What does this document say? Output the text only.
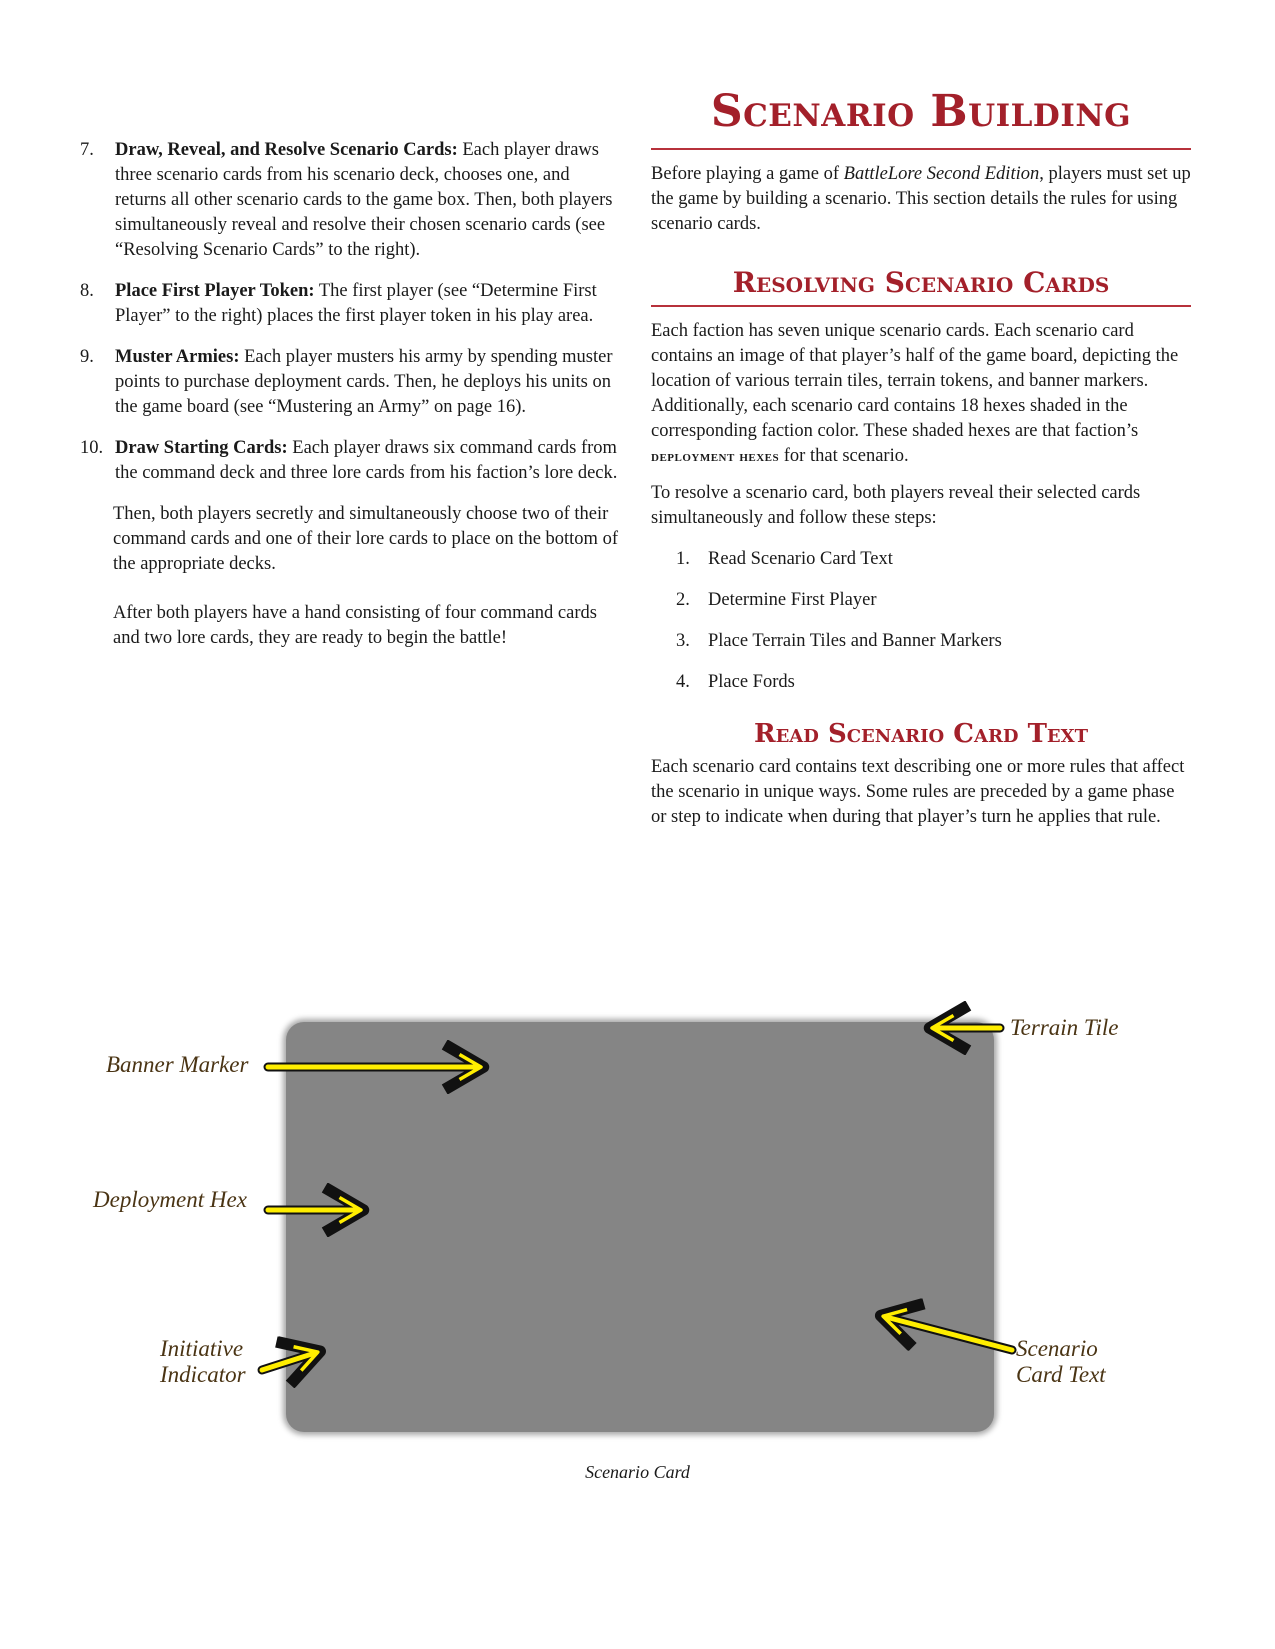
7. Draw, Reveal, and Resolve Scenario Cards: Each player draws three scenario cards from his scenario deck, chooses one, and returns all other scenario cards to the game box. Then, both players simultaneously reveal and resolve their chosen scenario cards (see “Resolving Scenario Cards” to the right).
8. Place First Player Token: The first player (see “Determine First Player” to the right) places the first player token in his play area.
9. Muster Armies: Each player musters his army by spending muster points to purchase deployment cards. Then, he deploys his units on the game board (see “Mustering an Army” on page 16).
10. Draw Starting Cards: Each player draws six command cards from the command deck and three lore cards from his faction’s lore deck.

Then, both players secretly and simultaneously choose two of their command cards and one of their lore cards to place on the bottom of the appropriate decks.

After both players have a hand consisting of four command cards and two lore cards, they are ready to begin the battle!

Scenario Building

Before playing a game of BattleLore Second Edition, players must set up the game by building a scenario. This section details the rules for using scenario cards.

Resolving Scenario Cards

Each faction has seven unique scenario cards. Each scenario card contains an image of that player’s half of the game board, depicting the location of various terrain tiles, terrain tokens, and banner markers. Additionally, each scenario card contains 18 hexes shaded in the corresponding faction color. These shaded hexes are that faction’s deployment hexes for that scenario.

To resolve a scenario card, both players reveal their selected cards simultaneously and follow these steps:

1. Read Scenario Card Text
2. Determine First Player
3. Place Terrain Tiles and Banner Markers
4. Place Fords
Read Scenario Card Text

Each scenario card contains text describing one or more rules that affect the scenario in unique ways. Some rules are preceded by a game phase or step to indicate when during that player’s turn he applies that rule.

Banner Marker
Deployment Hex
Initiative
Indicator
Terrain Tile
Scenario
Card Text
Scenario Card
